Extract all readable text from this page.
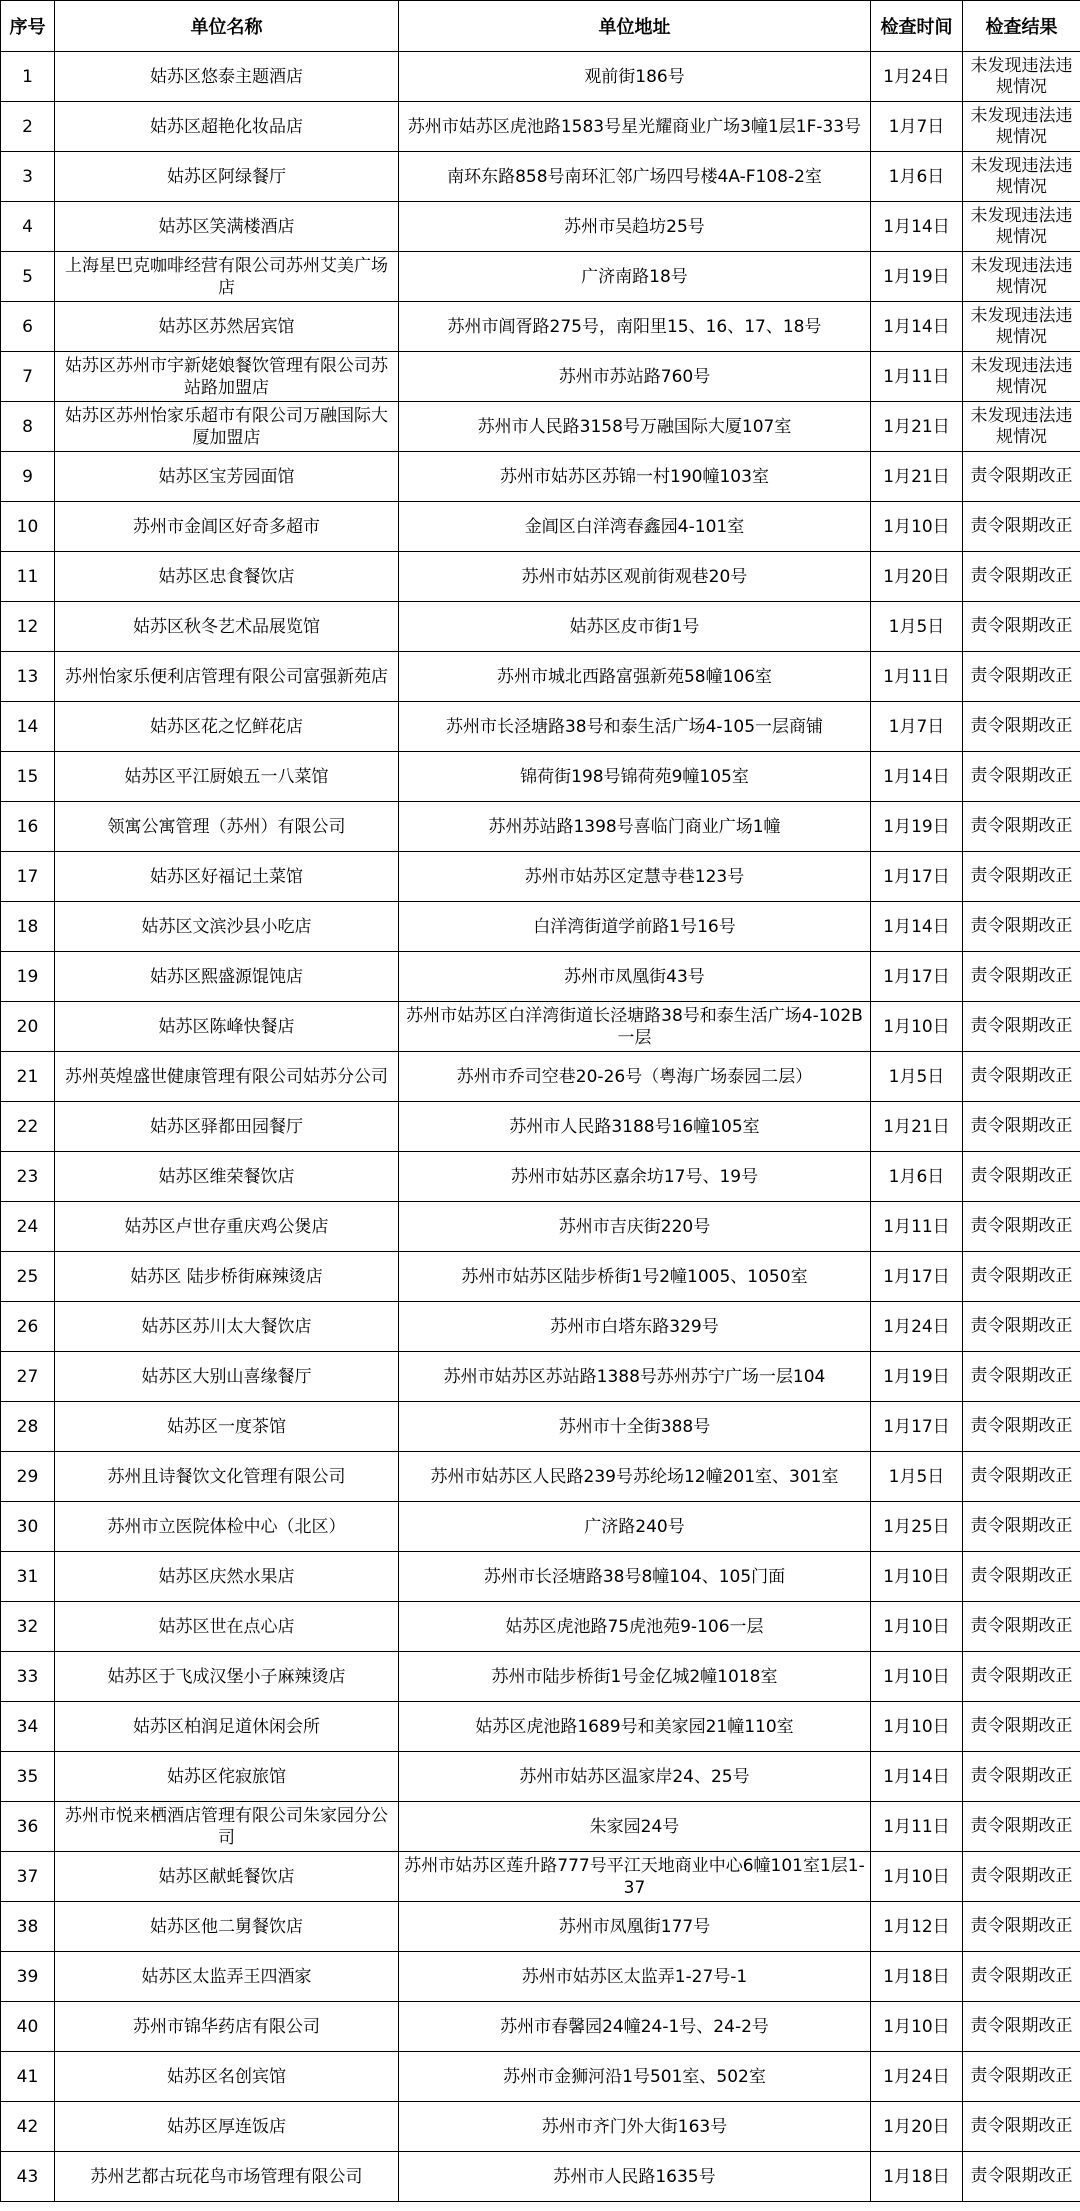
序号	单位名称	单位地址	检查时间	检查结果
1	姑苏区悠泰主题酒店	观前街186号	1月24日	未发现违法违规情况
2	姑苏区超艳化妆品店	苏州市姑苏区虎池路1583号星光耀商业广场3幢1层1F-33号	1月7日	未发现违法违规情况
3	姑苏区阿绿餐厅	南环东路858号南环汇邻广场四号楼4A-F108-2室	1月6日	未发现违法违规情况
4	姑苏区笑满楼酒店	苏州市吴趋坊25号	1月14日	未发现违法违规情况
5	上海星巴克咖啡经营有限公司苏州艾美广场店	广济南路18号	1月19日	未发现违法违规情况
6	姑苏区苏然居宾馆	苏州市阊胥路275号，南阳里15、16、17、18号	1月14日	未发现违法违规情况
7	姑苏区苏州市宇新姥娘餐饮管理有限公司苏站路加盟店	苏州市苏站路760号	1月11日	未发现违法违规情况
8	姑苏区苏州怡家乐超市有限公司万融国际大厦加盟店	苏州市人民路3158号万融国际大厦107室	1月21日	未发现违法违规情况
9	姑苏区宝芳园面馆	苏州市姑苏区苏锦一村190幢103室	1月21日	责令限期改正
10	苏州市金阊区好奇多超市	金阊区白洋湾春鑫园4-101室	1月10日	责令限期改正
11	姑苏区忠食餐饮店	苏州市姑苏区观前街观巷20号	1月20日	责令限期改正
12	姑苏区秋冬艺术品展览馆	姑苏区皮市街1号	1月5日	责令限期改正
13	苏州怡家乐便利店管理有限公司富强新苑店	苏州市城北西路富强新苑58幢106室	1月11日	责令限期改正
14	姑苏区花之忆鲜花店	苏州市长泾塘路38号和泰生活广场4-105一层商铺	1月7日	责令限期改正
15	姑苏区平江厨娘五一八菜馆	锦荷街198号锦荷苑9幢105室	1月14日	责令限期改正
16	领寓公寓管理（苏州）有限公司	苏州苏站路1398号喜临门商业广场1幢	1月19日	责令限期改正
17	姑苏区好福记土菜馆	苏州市姑苏区定慧寺巷123号	1月17日	责令限期改正
18	姑苏区文滨沙县小吃店	白洋湾街道学前路1号16号	1月14日	责令限期改正
19	姑苏区熙盛源馄饨店	苏州市凤凰街43号	1月17日	责令限期改正
20	姑苏区陈峰快餐店	苏州市姑苏区白洋湾街道长泾塘路38号和泰生活广场4-102B一层	1月10日	责令限期改正
21	苏州英煌盛世健康管理有限公司姑苏分公司	苏州市乔司空巷20-26号（粤海广场泰园二层）	1月5日	责令限期改正
22	姑苏区驿都田园餐厅	苏州市人民路3188号16幢105室	1月21日	责令限期改正
23	姑苏区维荣餐饮店	苏州市姑苏区嘉余坊17号、19号	1月6日	责令限期改正
24	姑苏区卢世存重庆鸡公煲店	苏州市吉庆街220号	1月11日	责令限期改正
25	姑苏区 陆步桥街麻辣烫店	苏州市姑苏区陆步桥街1号2幢1005、1050室	1月17日	责令限期改正
26	姑苏区苏川太大餐饮店	苏州市白塔东路329号	1月24日	责令限期改正
27	姑苏区大别山喜缘餐厅	苏州市姑苏区苏站路1388号苏州苏宁广场一层104	1月19日	责令限期改正
28	姑苏区一度茶馆	苏州市十全街388号	1月17日	责令限期改正
29	苏州且诗餐饮文化管理有限公司	苏州市姑苏区人民路239号苏纶场12幢201室、301室	1月5日	责令限期改正
30	苏州市立医院体检中心（北区）	广济路240号	1月25日	责令限期改正
31	姑苏区庆然水果店	苏州市长泾塘路38号8幢104、105门面	1月10日	责令限期改正
32	姑苏区世在点心店	姑苏区虎池路75虎池苑9-106一层	1月10日	责令限期改正
33	姑苏区于飞成汉堡小子麻辣烫店	苏州市陆步桥街1号金亿城2幢1018室	1月10日	责令限期改正
34	姑苏区柏润足道休闲会所	姑苏区虎池路1689号和美家园21幢110室	1月10日	责令限期改正
35	姑苏区侘寂旅馆	苏州市姑苏区温家岸24、25号	1月14日	责令限期改正
36	苏州市悦来栖酒店管理有限公司朱家园分公司	朱家园24号	1月11日	责令限期改正
37	姑苏区献蚝餐饮店	苏州市姑苏区莲升路777号平江天地商业中心6幢101室1层1-37	1月10日	责令限期改正
38	姑苏区他二舅餐饮店	苏州市凤凰街177号	1月12日	责令限期改正
39	姑苏区太监弄王四酒家	苏州市姑苏区太监弄1-27号-1	1月18日	责令限期改正
40	苏州市锦华药店有限公司	苏州市春馨园24幢24-1号、24-2号	1月10日	责令限期改正
41	姑苏区名创宾馆	苏州市金狮河沿1号501室、502室	1月24日	责令限期改正
42	姑苏区厚连饭店	苏州市齐门外大街163号	1月20日	责令限期改正
43	苏州艺都古玩花鸟市场管理有限公司	苏州市人民路1635号	1月18日	责令限期改正
